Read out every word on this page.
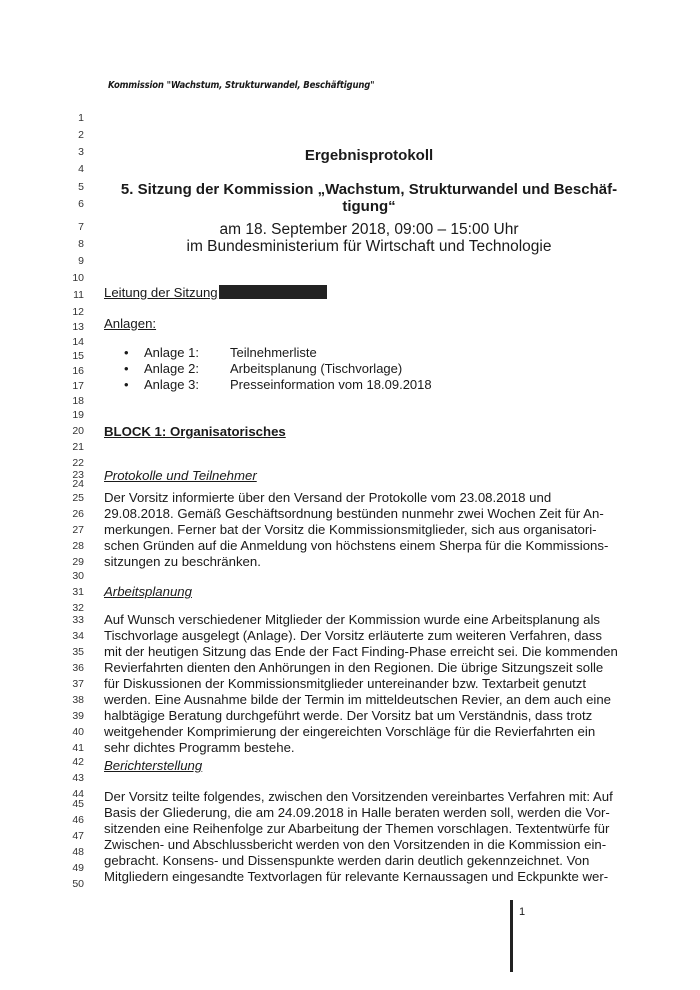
Kommission "Wachstum, Strukturwandel, Beschäftigung"
1
2
3
4
5
6
7
8
9
10
11
12
13
14
15
16
17
18
19
20
21
22
23
24
25
26
27
28
29
30
31
32
33
34
35
36
37
38
39
40
41
42
43
44
45
46
47
48
49
50
Ergebnisprotokoll
5. Sitzung der Kommission „Wachstum, Strukturwandel und Beschäf-
tigung“
am 18. September 2018, 09:00 – 15:00 Uhr
im Bundesministerium für Wirtschaft und Technologie
Leitung der Sitzung
Anlagen:
• Anlage 1: Teilnehmerliste
• Anlage 2: Arbeitsplanung (Tischvorlage)
• Anlage 3: Presseinformation vom 18.09.2018
BLOCK 1: Organisatorisches
Protokolle und Teilnehmer
Der Vorsitz informierte über den Versand der Protokolle vom 23.08.2018 und
29.08.2018. Gemäß Geschäftsordnung bestünden nunmehr zwei Wochen Zeit für An-
merkungen. Ferner bat der Vorsitz die Kommissionsmitglieder, sich aus organisatori-
schen Gründen auf die Anmeldung von höchstens einem Sherpa für die Kommissions-
sitzungen zu beschränken.
Arbeitsplanung
Auf Wunsch verschiedener Mitglieder der Kommission wurde eine Arbeitsplanung als
Tischvorlage ausgelegt (Anlage). Der Vorsitz erläuterte zum weiteren Verfahren, dass
mit der heutigen Sitzung das Ende der Fact Finding-Phase erreicht sei. Die kommenden
Revierfahrten dienten den Anhörungen in den Regionen. Die übrige Sitzungszeit solle
für Diskussionen der Kommissionsmitglieder untereinander bzw. Textarbeit genutzt
werden. Eine Ausnahme bilde der Termin im mitteldeutschen Revier, an dem auch eine
halbtägige Beratung durchgeführt werde. Der Vorsitz bat um Verständnis, dass trotz
weitgehender Komprimierung der eingereichten Vorschläge für die Revierfahrten ein
sehr dichtes Programm bestehe.
Berichterstellung
Der Vorsitz teilte folgendes, zwischen den Vorsitzenden vereinbartes Verfahren mit: Auf
Basis der Gliederung, die am 24.09.2018 in Halle beraten werden soll, werden die Vor-
sitzenden eine Reihenfolge zur Abarbeitung der Themen vorschlagen. Textentwürfe für
Zwischen- und Abschlussbericht werden von den Vorsitzenden in die Kommission ein-
gebracht. Konsens- und Dissenspunkte werden darin deutlich gekennzeichnet. Von
Mitgliedern eingesandte Textvorlagen für relevante Kernaussagen und Eckpunkte wer-
1
